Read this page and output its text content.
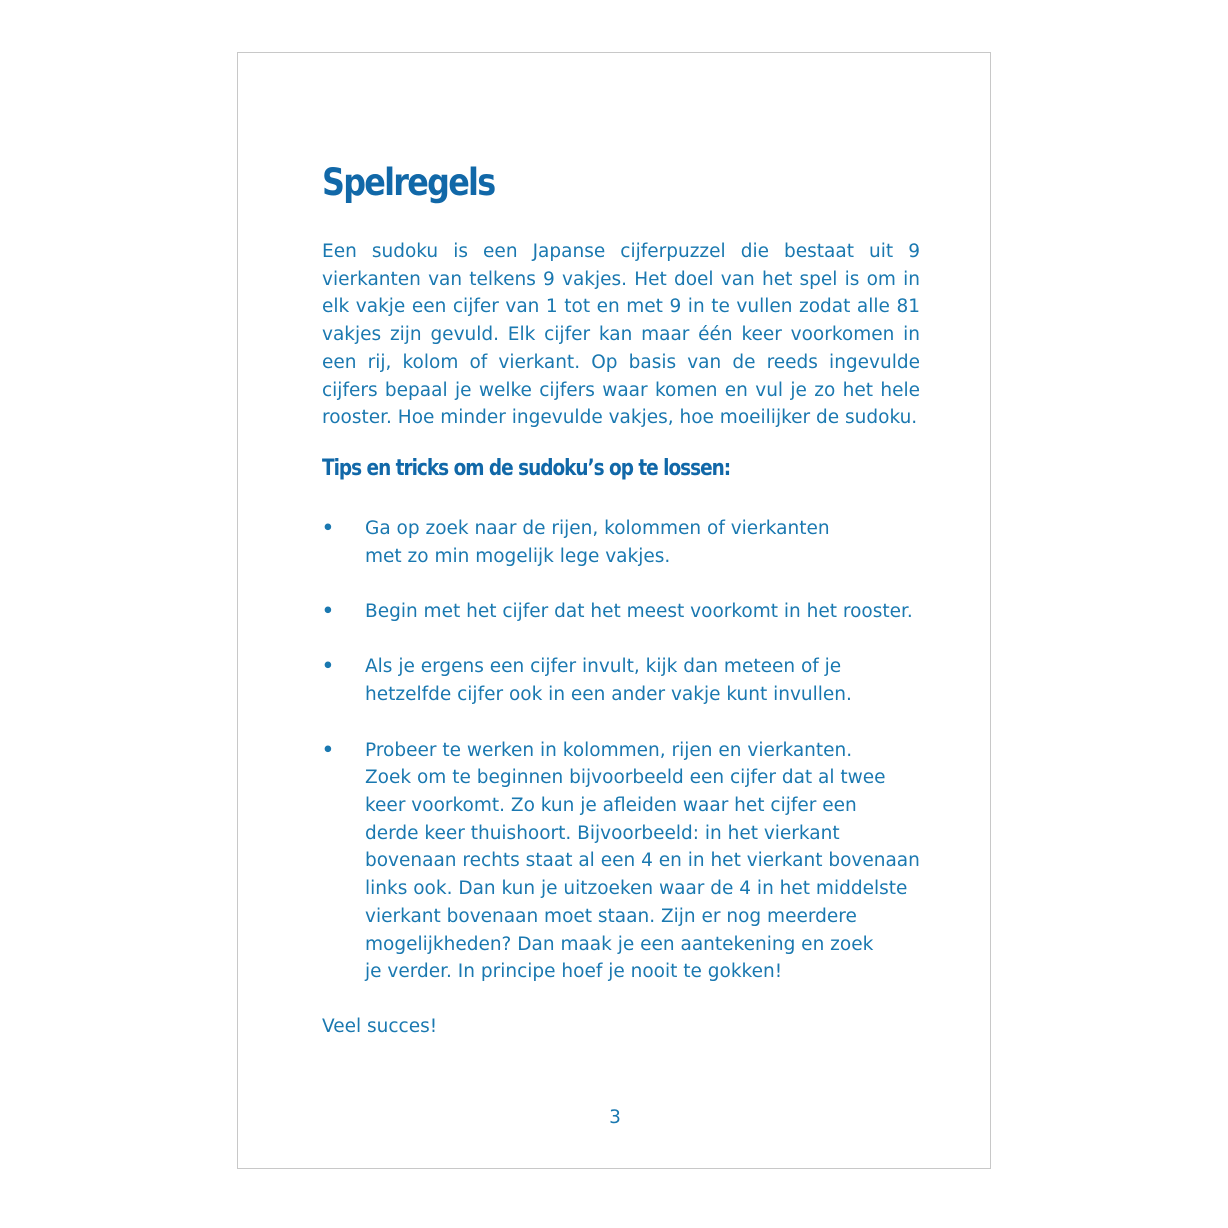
Spelregels

Een sudoku is een Japanse cijferpuzzel die bestaat uit 9 vierkanten van telkens 9 vakjes. Het doel van het spel is om in elk vakje een cijfer van 1 tot en met 9 in te vullen zodat alle 81 vakjes zijn gevuld. Elk cijfer kan maar één keer voorkomen in een rij, kolom of vierkant. Op basis van de reeds ingevulde cijfers bepaal je welke cijfers waar komen en vul je zo het hele rooster. Hoe minder ingevulde vakjes, hoe moeilijker de sudoku.

Tips en tricks om de sudoku’s op te lossen:
• Ga op zoek naar de rijen, kolommen of vierkanten
met zo min mogelijk lege vakjes.
• Begin met het cijfer dat het meest voorkomt in het rooster.
• Als je ergens een cijfer invult, kijk dan meteen of je
hetzelfde cijfer ook in een ander vakje kunt invullen.
• Probeer te werken in kolommen, rijen en vierkanten.
Zoek om te beginnen bijvoorbeeld een cijfer dat al twee
keer voorkomt. Zo kun je afleiden waar het cijfer een
derde keer thuishoort. Bijvoorbeeld: in het vierkant
bovenaan rechts staat al een 4 en in het vierkant bovenaan
links ook. Dan kun je uitzoeken waar de 4 in het middelste
vierkant bovenaan moet staan. Zijn er nog meerdere
mogelijkheden? Dan maak je een aantekening en zoek
je verder. In principe hoef je nooit te gokken!

Veel succes!

3
